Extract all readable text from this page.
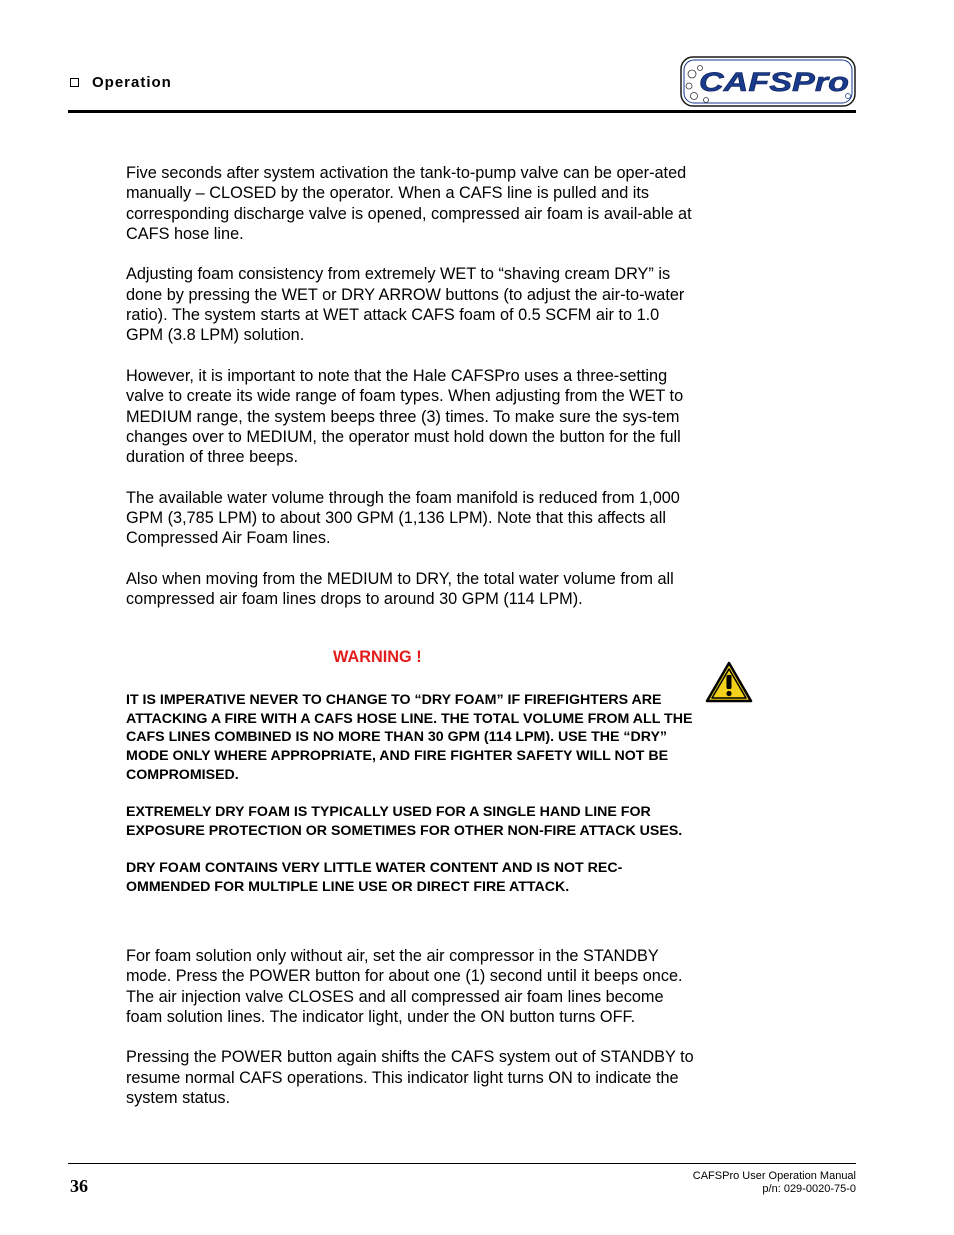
Operation	CAFSPro

Five seconds after system activation the tank-to-pump valve can be oper-ated manually – CLOSED by the operator. When a CAFS line is pulled and its corresponding discharge valve is opened, compressed air foam is avail-able at CAFS hose line.

Adjusting foam consistency from extremely WET to “shaving cream DRY” is done by pressing the WET or DRY ARROW buttons (to adjust the air-to-water ratio). The system starts at WET attack CAFS foam of 0.5 SCFM air to 1.0 GPM (3.8 LPM) solution.

However, it is important to note that the Hale CAFSPro uses a three-setting valve to create its wide range of foam types. When adjusting from the WET to MEDIUM range, the system beeps three (3) times. To make sure the sys-tem changes over to MEDIUM, the operator must hold down the button for the full duration of three beeps.

The available water volume through the foam manifold is reduced from 1,000 GPM (3,785 LPM) to about 300 GPM (1,136 LPM). Note that this affects all Compressed Air Foam lines.

Also when moving from the MEDIUM to DRY, the total water volume from all compressed air foam lines drops to around 30 GPM (114 LPM).

WARNING !

IT IS IMPERATIVE NEVER TO CHANGE TO “DRY FOAM” IF FIREFIGHTERS ARE ATTACKING A FIRE WITH A CAFS HOSE LINE. THE TOTAL VOLUME FROM ALL THE CAFS LINES COMBINED IS NO MORE THAN 30 GPM (114 LPM). USE THE “DRY” MODE ONLY WHERE APPROPRIATE, AND FIRE FIGHTER SAFETY WILL NOT BE COMPROMISED.

EXTREMELY DRY FOAM IS TYPICALLY USED FOR A SINGLE HAND LINE FOR EXPOSURE PROTECTION OR SOMETIMES FOR OTHER NON-FIRE ATTACK USES.

DRY FOAM CONTAINS VERY LITTLE WATER CONTENT AND IS NOT REC-OMMENDED FOR MULTIPLE LINE USE OR DIRECT FIRE ATTACK.

For foam solution only without air, set the air compressor in the STANDBY mode. Press the POWER button for about one (1) second until it beeps once. The air injection valve CLOSES and all compressed air foam lines become foam solution lines. The indicator light, under the ON button turns OFF.

Pressing the POWER button again shifts the CAFS system out of STANDBY to resume normal CAFS operations. This indicator light turns ON to indicate the system status.

36	CAFSPro User Operation Manual
p/n: 029-0020-75-0
